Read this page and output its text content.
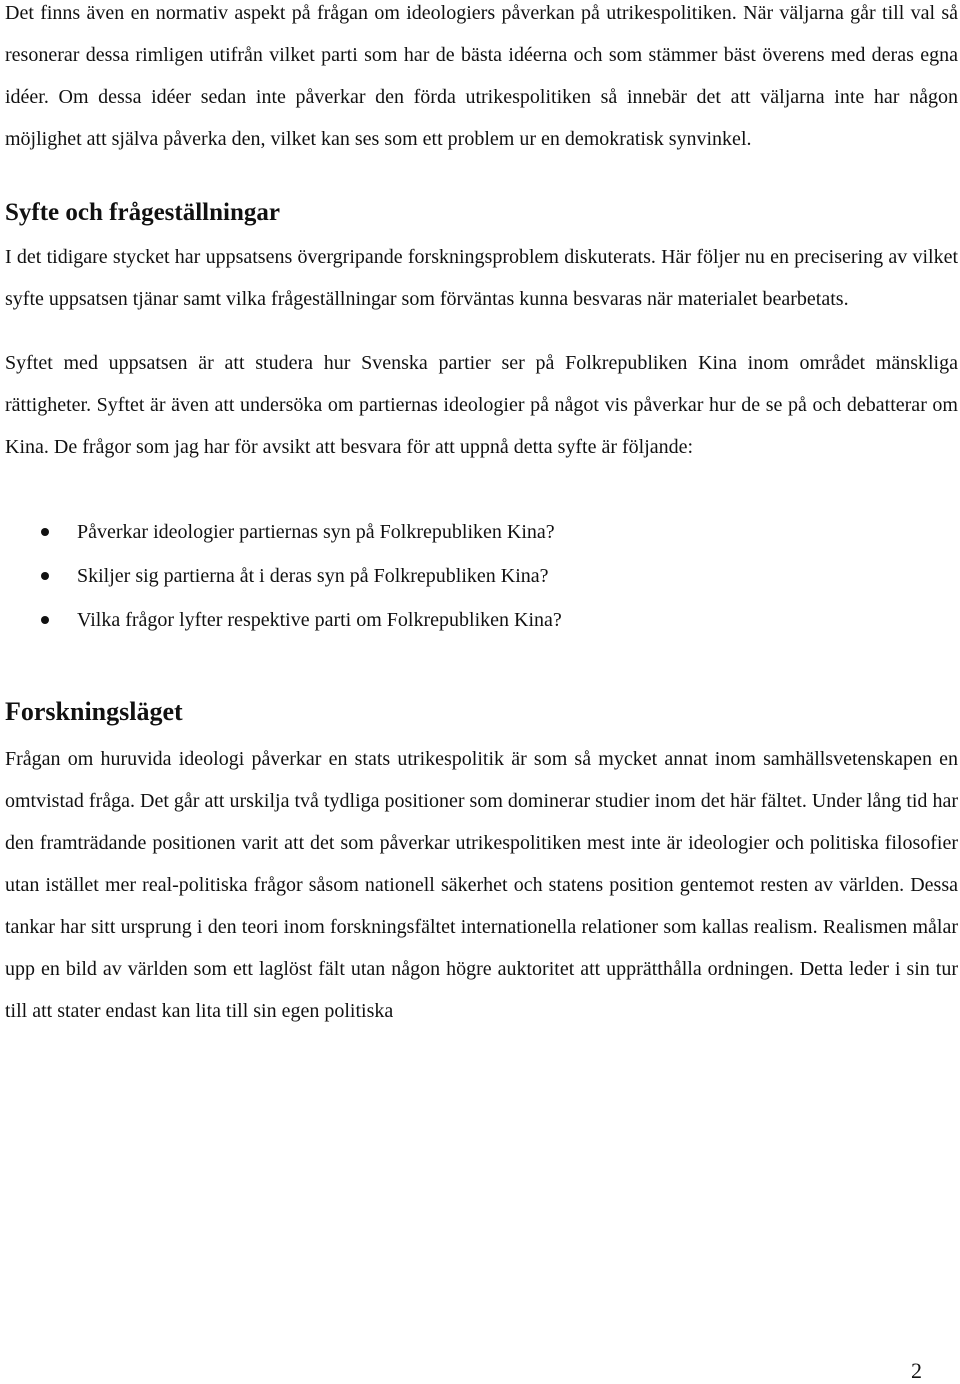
Det finns även en normativ aspekt på frågan om ideologiers påverkan på utrikespolitiken. När väljarna går till val så resonerar dessa rimligen utifrån vilket parti som har de bästa idéerna och som stämmer bäst överens med deras egna idéer. Om dessa idéer sedan inte påverkar den förda utrikespolitiken så innebär det att väljarna inte har någon möjlighet att själva påverka den, vilket kan ses som ett problem ur en demokratisk synvinkel.

Syfte och frågeställningar

I det tidigare stycket har uppsatsens övergripande forskningsproblem diskuterats. Här följer nu en precisering av vilket syfte uppsatsen tjänar samt vilka frågeställningar som förväntas kunna besvaras när materialet bearbetats.

Syftet med uppsatsen är att studera hur Svenska partier ser på Folkrepubliken Kina inom området mänskliga rättigheter. Syftet är även att undersöka om partiernas ideologier på något vis påverkar hur de se på och debatterar om Kina. De frågor som jag har för avsikt att besvara för att uppnå detta syfte är följande:

Påverkar ideologier partiernas syn på Folkrepubliken Kina?
Skiljer sig partierna åt i deras syn på Folkrepubliken Kina?
Vilka frågor lyfter respektive parti om Folkrepubliken Kina?
Forskningsläget

Frågan om huruvida ideologi påverkar en stats utrikespolitik är som så mycket annat inom samhällsvetenskapen en omtvistad fråga. Det går att urskilja två tydliga positioner som dominerar studier inom det här fältet. Under lång tid har den framträdande positionen varit att det som påverkar utrikespolitiken mest inte är ideologier och politiska filosofier utan istället mer real-politiska frågor såsom nationell säkerhet och statens position gentemot resten av världen. Dessa tankar har sitt ursprung i den teori inom forskningsfältet internationella relationer som kallas realism. Realismen målar upp en bild av världen som ett laglöst fält utan någon högre auktoritet att upprätthålla ordningen. Detta leder i sin tur till att stater endast kan lita till sin egen politiska

2
